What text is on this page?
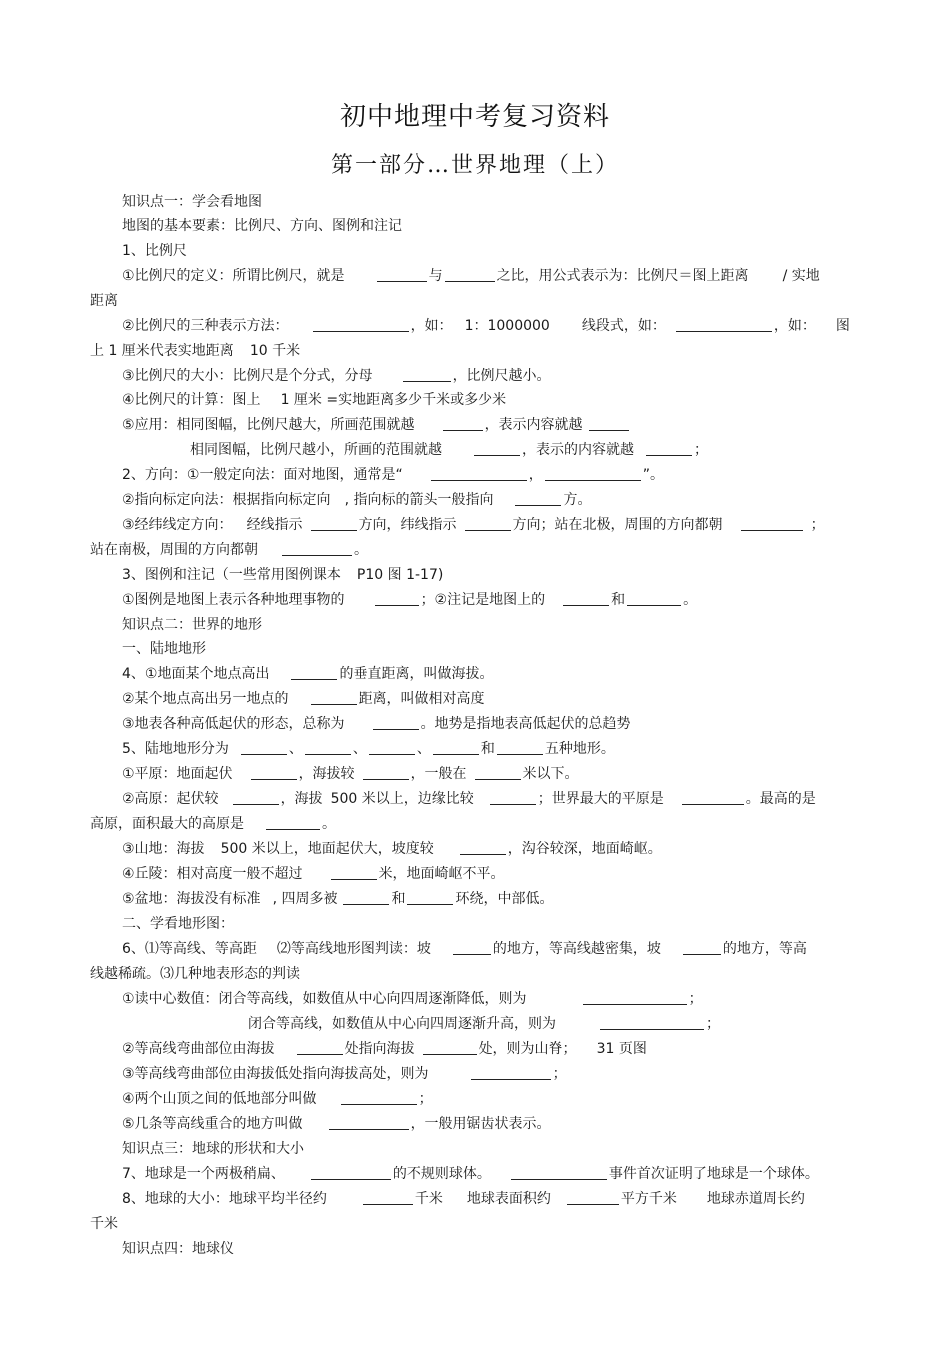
初中地理中考复习资料
第一部分…世界地理（上）
知识点一：学会看地图
地图的基本要素：比例尺、方向、图例和注记
1、比例尺
①比例尺的定义：所谓比例尺，就是	与	之比，用公式表示为：比例尺＝图上距离 / 实地
距离
②比例尺的三种表示方法：	，如： 1：1000000 线段式，如：	，如： 图
上 1 厘米代表实地距离 10 千米
③比例尺的大小：比例尺是个分式，分母	，比例尺越小。
④比例尺的计算：图上 1 厘米 =实地距离多少千米或多少米
⑤应用：相同图幅，比例尺越大，所画范围就越	，表示内容就越
相同图幅，比例尺越小，所画的范围就越	，表示的内容就越	；
2、方向：①一般定向法：面对地图，通常是“	，	”。
②指向标定向法：根据指向标定向 , 指向标的箭头一般指向	方。
③经纬线定方向： 经线指示	方向，纬线指示	方向；站在北极，周围的方向都朝	；
站在南极，周围的方向都朝	。
3、图例和注记（一些常用图例课本 P10 图 1-17)
①图例是地图上表示各种地理事物的	；②注记是地图上的	和	。
知识点二：世界的地形
一、陆地地形
4、①地面某个地点高出	的垂直距离，叫做海拔。
②某个地点高出另一地点的	距离，叫做相对高度
③地表各种高低起伏的形态，总称为	。地势是指地表高低起伏的总趋势
5、陆地地形分为	、	、	、	和	五种地形。
①平原：地面起伏	，海拔较	，一般在	米以下。
②高原：起伏较	，海拔 500 米以上，边缘比较	；世界最大的平原是	。最高的是
高原，面积最大的高原是	。
③山地：海拔 500 米以上，地面起伏大，坡度较	，沟谷较深，地面崎岖。
④丘陵：相对高度一般不超过	米，地面崎岖不平。
⑤盆地：海拔没有标准 , 四周多被	和	环绕，中部低。
二、学看地形图：
6、⑴等高线、等高距 ⑵等高线地形图判读：坡	的地方，等高线越密集，坡	的地方，等高
线越稀疏。⑶几种地表形态的判读
①读中心数值：闭合等高线，如数值从中心向四周逐渐降低，则为	；
闭合等高线，如数值从中心向四周逐渐升高，则为	；
②等高线弯曲部位由海拔	处指向海拔	处，则为山脊； 31 页图
③等高线弯曲部位由海拔低处指向海拔高处，则为	；
④两个山顶之间的低地部分叫做	；
⑤几条等高线重合的地方叫做	，一般用锯齿状表示。
知识点三：地球的形状和大小
7、地球是一个两极稍扁、	的不规则球体。	事件首次证明了地球是一个球体。
8、地球的大小：地球平均半径约	千米 地球表面积约	平方千米 地球赤道周长约
千米
知识点四：地球仪
